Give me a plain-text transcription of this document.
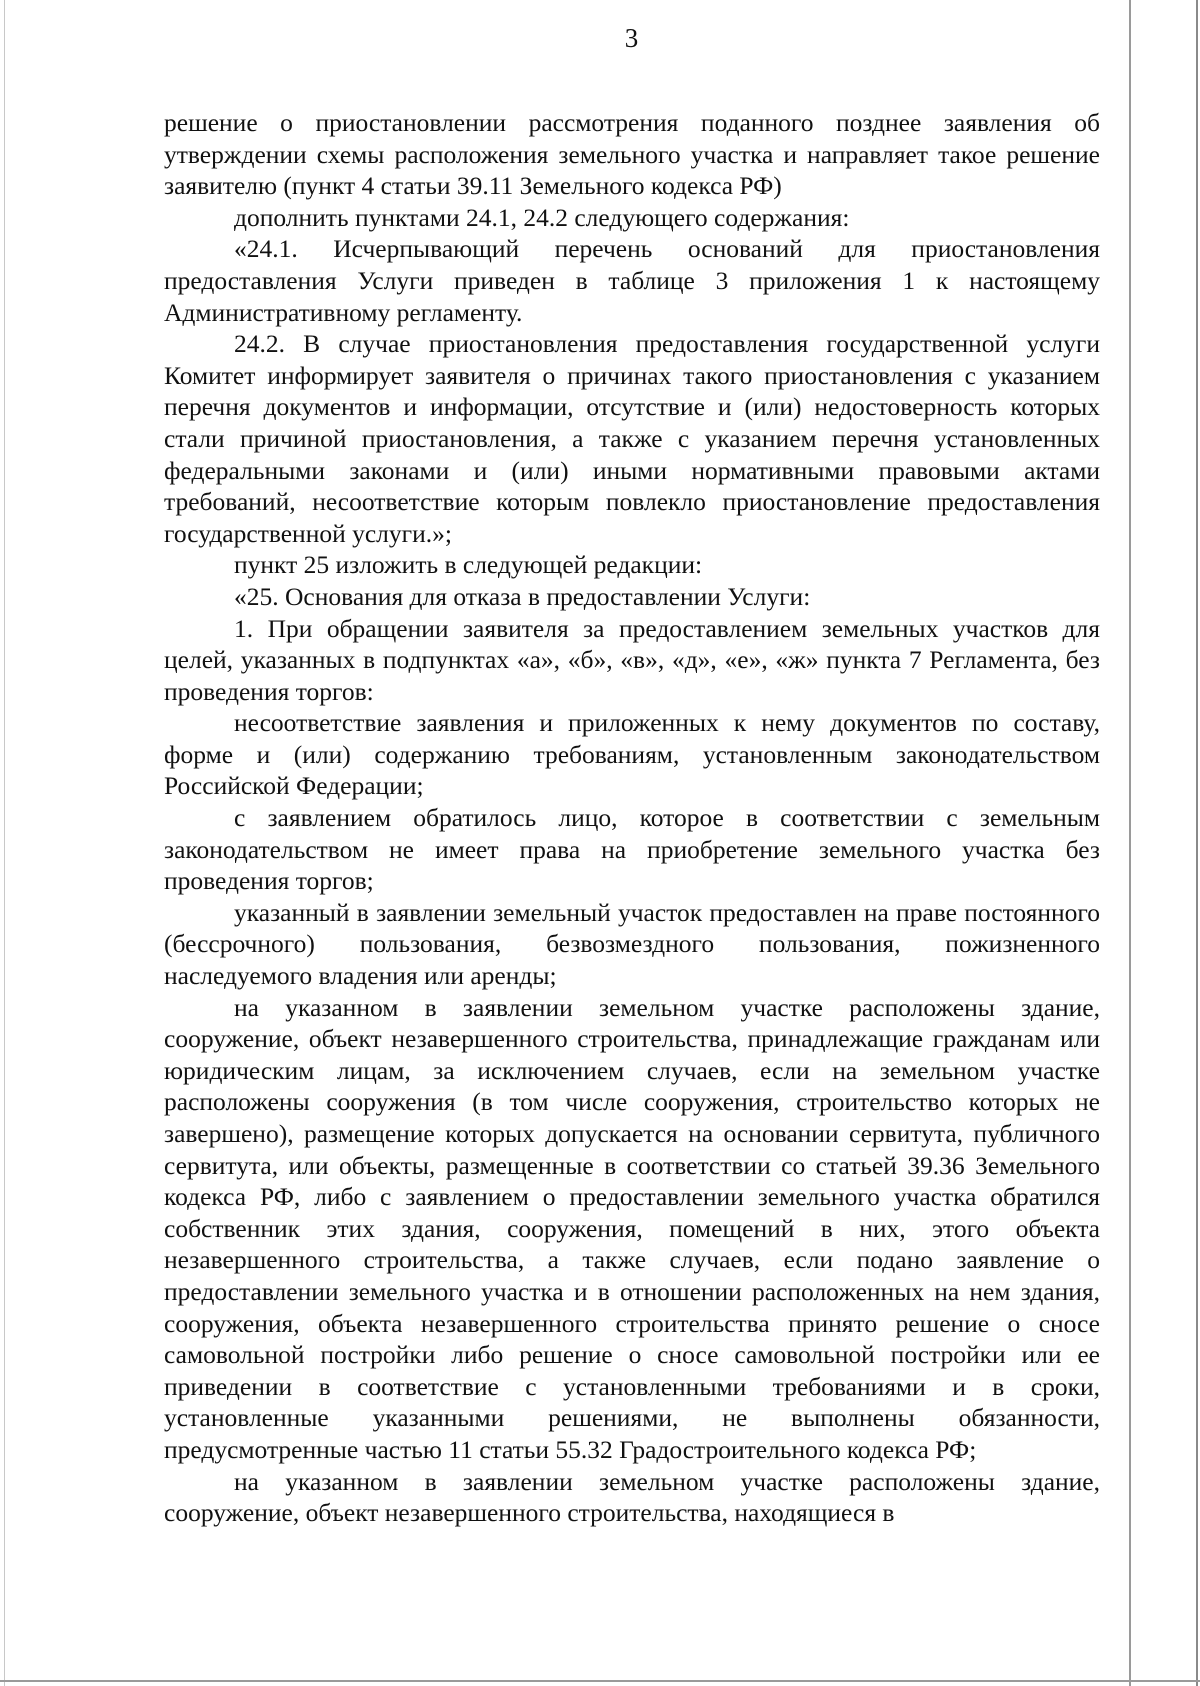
3

решение о приостановлении рассмотрения поданного позднее заявления об утверждении схемы расположения земельного участка и направляет такое решение заявителю (пункт 4 статьи 39.11 Земельного кодекса РФ)

дополнить пунктами 24.1, 24.2 следующего содержания:

«24.1. Исчерпывающий перечень оснований для приостановления предоставления Услуги приведен в таблице 3 приложения 1 к настоящему Административному регламенту.

24.2. В случае приостановления предоставления государственной услуги Комитет информирует заявителя о причинах такого приостановления с указанием перечня документов и информации, отсутствие и (или) недостоверность которых стали причиной приостановления, а также с указанием перечня установленных федеральными законами и (или) иными нормативными правовыми актами требований, несоответствие которым повлекло приостановление предоставления государственной услуги.»;

пункт 25 изложить в следующей редакции:

«25. Основания для отказа в предоставлении Услуги:

1. При обращении заявителя за предоставлением земельных участков для целей, указанных в подпунктах «а», «б», «в», «д», «е», «ж» пункта 7 Регламента, без проведения торгов:

несоответствие заявления и приложенных к нему документов по составу, форме и (или) содержанию требованиям, установленным законодательством Российской Федерации;

с заявлением обратилось лицо, которое в соответствии с земельным законодательством не имеет права на приобретение земельного участка без проведения торгов;

указанный в заявлении земельный участок предоставлен на праве постоянного (бессрочного) пользования, безвозмездного пользования, пожизненного наследуемого владения или аренды;

на указанном в заявлении земельном участке расположены здание, сооружение, объект незавершенного строительства, принадлежащие гражданам или юридическим лицам, за исключением случаев, если на земельном участке расположены сооружения (в том числе сооружения, строительство которых не завершено), размещение которых допускается на основании сервитута, публичного сервитута, или объекты, размещенные в соответствии со статьей 39.36 Земельного кодекса РФ, либо с заявлением о предоставлении земельного участка обратился собственник этих здания, сооружения, помещений в них, этого объекта незавершенного строительства, а также случаев, если подано заявление о предоставлении земельного участка и в отношении расположенных на нем здания, сооружения, объекта незавершенного строительства принято решение о сносе самовольной постройки либо решение о сносе самовольной постройки или ее приведении в соответствие с установленными требованиями и в сроки, установленные указанными решениями, не выполнены обязанности, предусмотренные частью 11 статьи 55.32 Градостроительного кодекса РФ;

на указанном в заявлении земельном участке расположены здание, сооружение, объект незавершенного строительства, находящиеся в
